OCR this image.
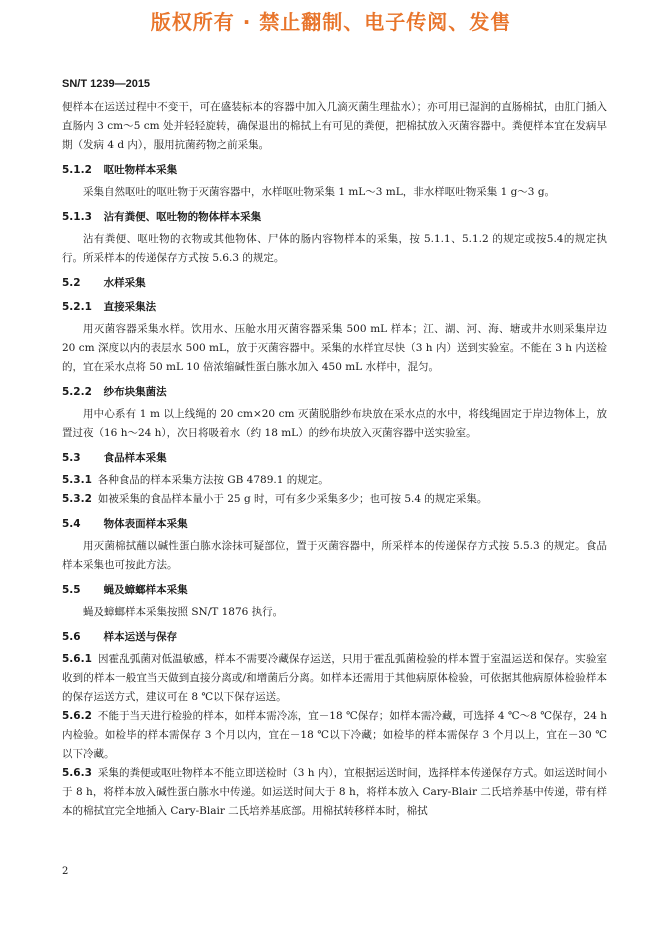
版权所有 · 禁止翻制、电子传阅、发售
SN/T 1239—2015

便样本在运送过程中不变干，可在盛装标本的容器中加入几滴灭菌生理盐水）；亦可用已湿润的直肠棉拭，由肛门插入直肠内 3 cm～5 cm 处并轻轻旋转，确保退出的棉拭上有可见的粪便，把棉拭放入灭菌容器中。粪便样本宜在发病早期（发病 4 d 内），服用抗菌药物之前采集。

5.1.2 呕吐物样本采集

采集自然呕吐的呕吐物于灭菌容器中，水样呕吐物采集 1 mL～3 mL，非水样呕吐物采集 1 g～3 g。

5.1.3 沾有粪便、呕吐物的物体样本采集

沾有粪便、呕吐物的衣物或其他物体、尸体的肠内容物样本的采集，按 5.1.1、5.1.2 的规定或按5.4的规定执行。所采样本的传递保存方式按 5.6.3 的规定。

5.2 水样采集
5.2.1 直接采集法

用灭菌容器采集水样。饮用水、压舱水用灭菌容器采集 500 mL 样本；江、湖、河、海、塘或井水则采集岸边 20 cm 深度以内的表层水 500 mL，放于灭菌容器中。采集的水样宜尽快（3 h 内）送到实验室。不能在 3 h 内送检的，宜在采水点将 50 mL 10 倍浓缩碱性蛋白胨水加入 450 mL 水样中，混匀。

5.2.2 纱布块集菌法

用中心系有 1 m 以上线绳的 20 cm×20 cm 灭菌脱脂纱布块放在采水点的水中，将线绳固定于岸边物体上，放置过夜（16 h～24 h），次日将吸着水（约 18 mL）的纱布块放入灭菌容器中送实验室。

5.3 食品样本采集

5.3.1 各种食品的样本采集方法按 GB 4789.1 的规定。

5.3.2 如被采集的食品样本量小于 25 g 时，可有多少采集多少；也可按 5.4 的规定采集。

5.4 物体表面样本采集

用灭菌棉拭蘸以碱性蛋白胨水涂抹可疑部位，置于灭菌容器中，所采样本的传递保存方式按 5.5.3 的规定。食品样本采集也可按此方法。

5.5 蝇及蟑螂样本采集

蝇及蟑螂样本采集按照 SN/T 1876 执行。

5.6 样本运送与保存

5.6.1 因霍乱弧菌对低温敏感，样本不需要冷藏保存运送，只用于霍乱弧菌检验的样本置于室温运送和保存。实验室收到的样本一般宜当天做到直接分离或/和增菌后分离。如样本还需用于其他病原体检验，可依据其他病原体检验样本的保存运送方式，建议可在 8 ℃以下保存运送。

5.6.2 不能于当天进行检验的样本，如样本需冷冻，宜－18 ℃保存；如样本需冷藏，可选择 4 ℃～8 ℃保存，24 h 内检验。如检毕的样本需保存 3 个月以内，宜在－18 ℃以下冷藏；如检毕的样本需保存 3 个月以上，宜在－30 ℃以下冷藏。

5.6.3 采集的粪便或呕吐物样本不能立即送检时（3 h 内），宜根据运送时间，选择样本传递保存方式。如运送时间小于 8 h，将样本放入碱性蛋白胨水中传递。如运送时间大于 8 h，将样本放入 Cary-Blair 二氏培养基中传递，带有样本的棉拭宜完全地插入 Cary-Blair 二氏培养基底部。用棉拭转移样本时，棉拭

2
